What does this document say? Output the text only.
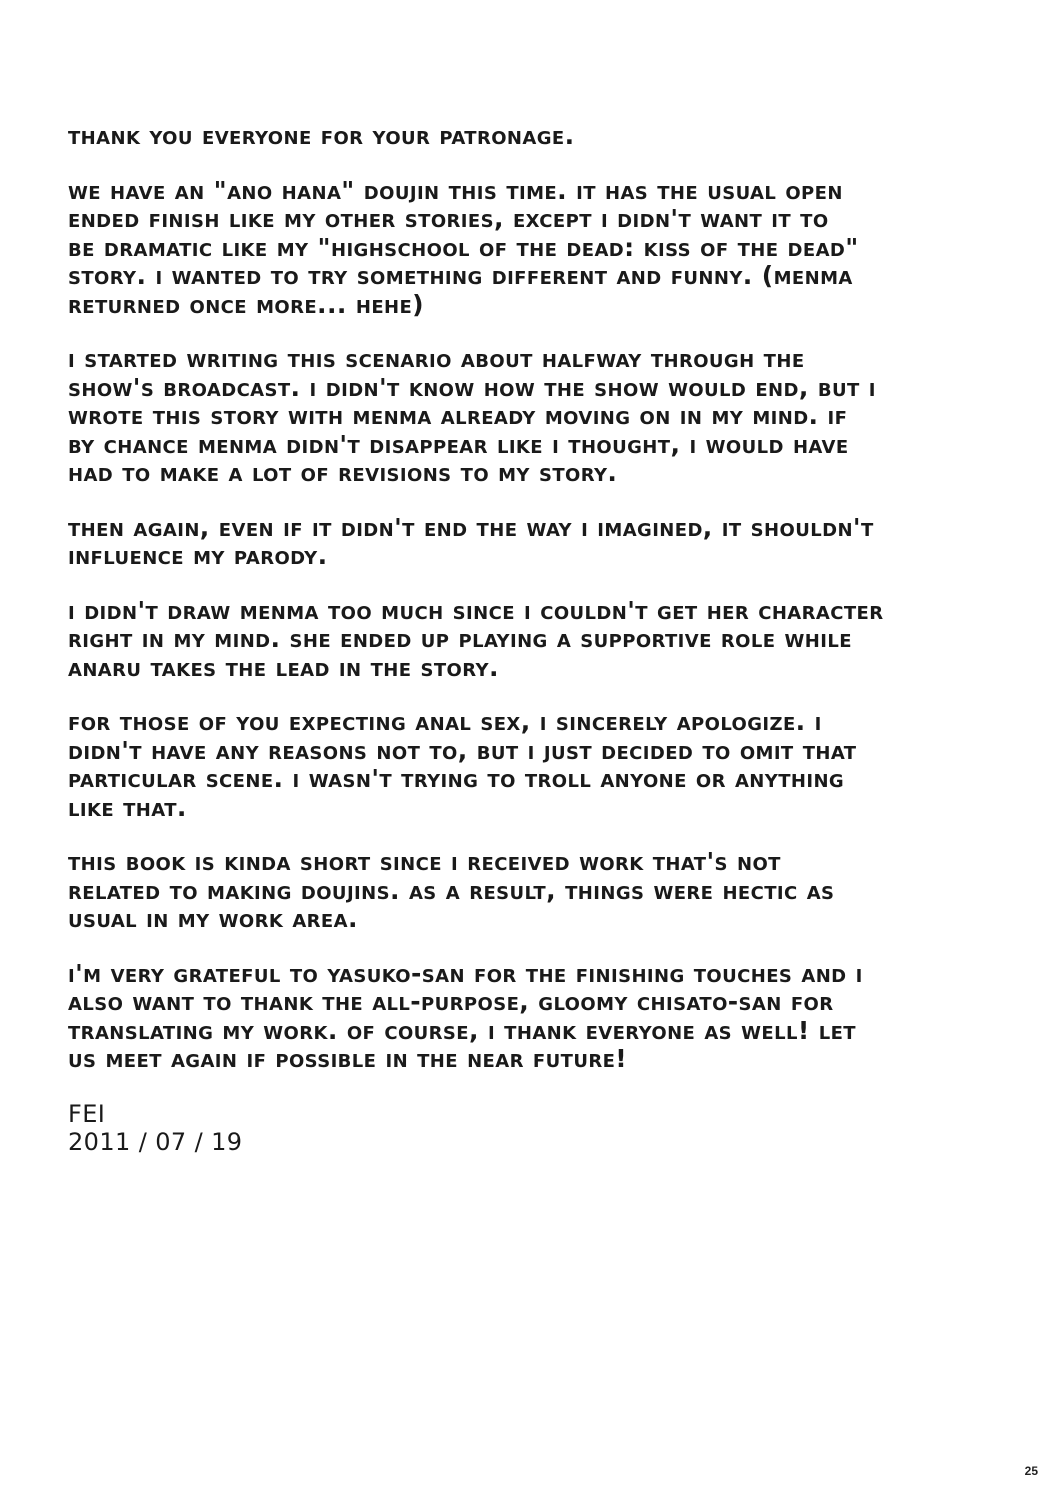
thank you everyone for your patronage.

we have an "ano hana" doujin this time. it has the usual open
ended finish like my other stories, except i didn't want it to
be dramatic like my "highschool of the dead: kiss of the dead"
story. i wanted to try something different and funny. (menma
returned once more... hehe)

i started writing this scenario about halfway through the
show's broadcast. i didn't know how the show would end, but i
wrote this story with menma already moving on in my mind. if
by chance menma didn't disappear like i thought, i would have
had to make a lot of revisions to my story.

then again, even if it didn't end the way i imagined, it shouldn't
influence my parody.

i didn't draw menma too much since i couldn't get her character
right in my mind. she ended up playing a supportive role while
anaru takes the lead in the story.

for those of you expecting anal sex, i sincerely apologize. i
didn't have any reasons not to, but i just decided to omit that
particular scene. i wasn't trying to troll anyone or anything
like that.

this book is kinda short since i received work that's not
related to making doujins. as a result, things were hectic as
usual in my work area.

i'm very grateful to yasuko-san for the finishing touches and i
also want to thank the all-purpose, gloomy chisato-san for
translating my work. of course, i thank everyone as well! let
us meet again if possible in the near future!

FEI
2011 / 07 / 19

25
